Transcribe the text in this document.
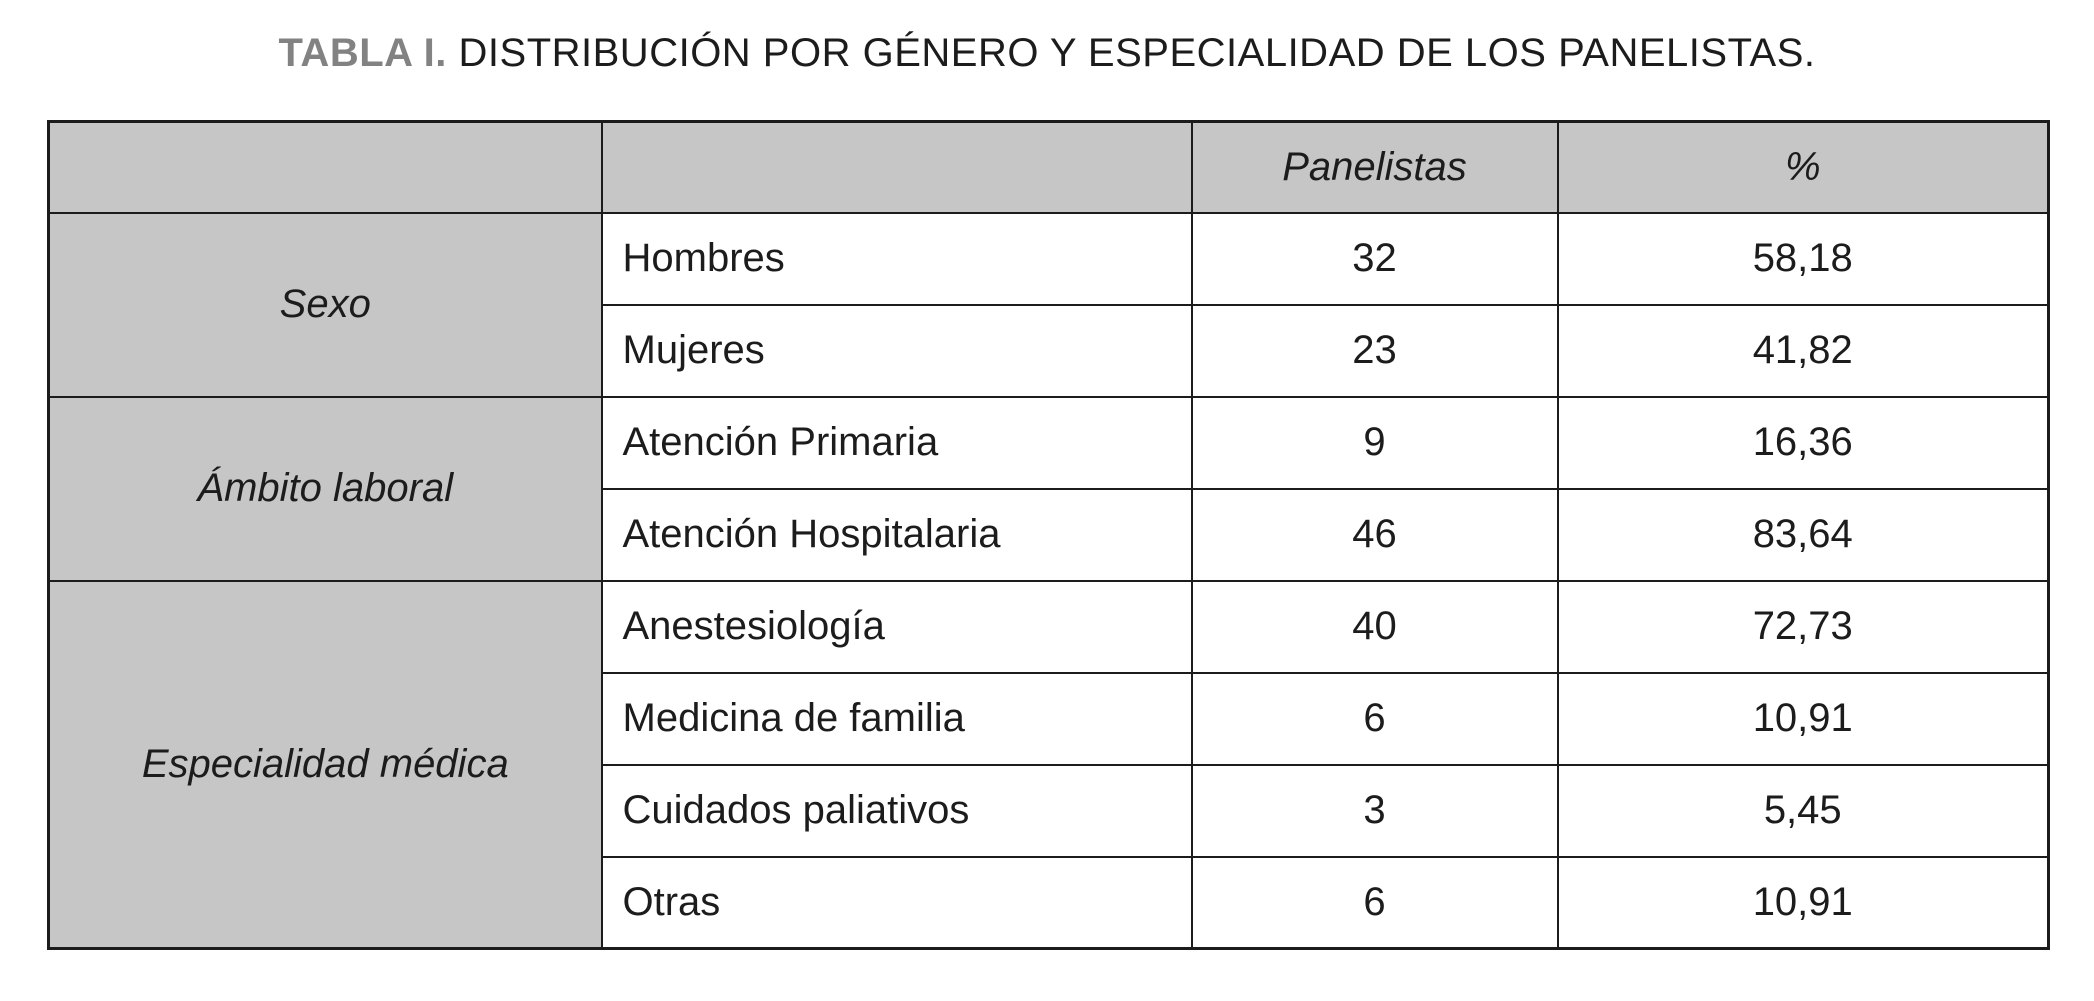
TABLA I. DISTRIBUCIÓN POR GÉNERO Y ESPECIALIDAD DE LOS PANELISTAS.
		Panelistas	%
Sexo	Hombres	32	58,18
	Mujeres	23	41,82
Ámbito laboral	Atención Primaria	9	16,36
	Atención Hospitalaria	46	83,64
Especialidad médica	Anestesiología	40	72,73
	Medicina de familia	6	10,91
	Cuidados paliativos	3	5,45
	Otras	6	10,91
